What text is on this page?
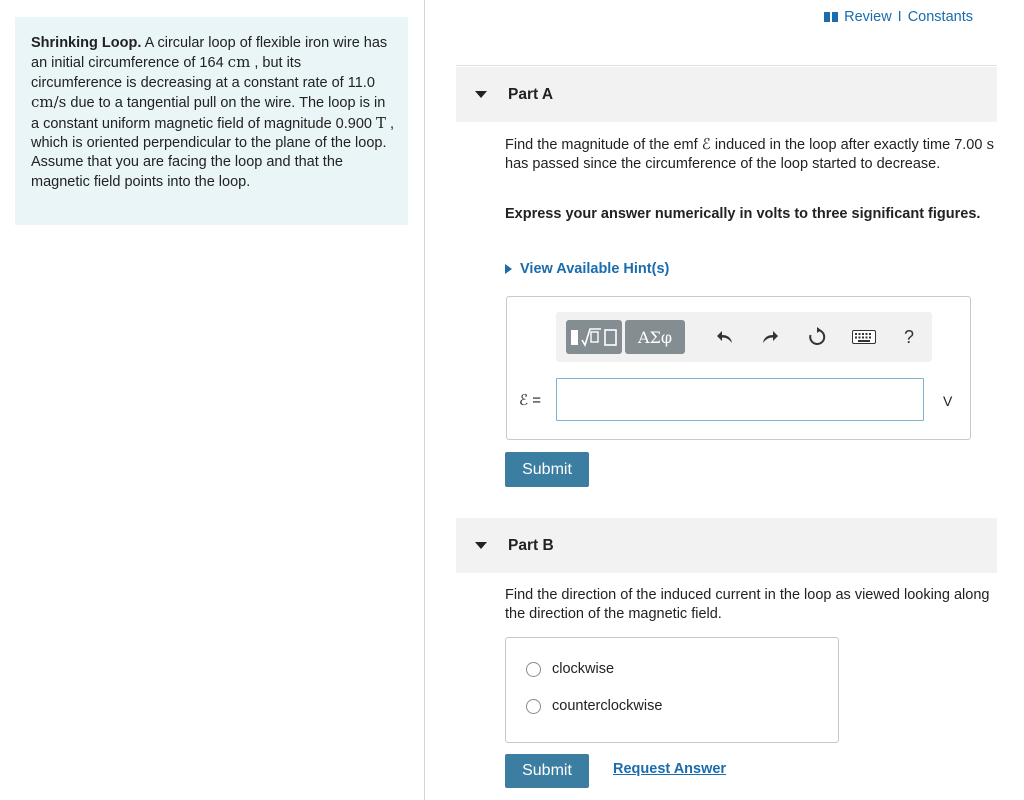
Shrinking Loop. A circular loop of flexible iron wire has an initial circumference of 164 cm , but its circumference is decreasing at a constant rate of 11.0 cm/s due to a tangential pull on the wire. The loop is in a constant uniform magnetic field of magnitude 0.900 T , which is oriented perpendicular to the plane of the loop. Assume that you are facing the loop and that the magnetic field points into the loop.

Review I Constants
Part A
Find the magnitude of the emf ℰ induced in the loop after exactly time 7.00 s has passed since the circumference of the loop started to decrease.
Express your answer numerically in volts to three significant figures.
View Available Hint(s)
ΑΣφ	?
ℰ =	V
Submit
Part B
Find the direction of the induced current in the loop as viewed looking along the direction of the magnetic field.
clockwise
counterclockwise
Submit	Request Answer
